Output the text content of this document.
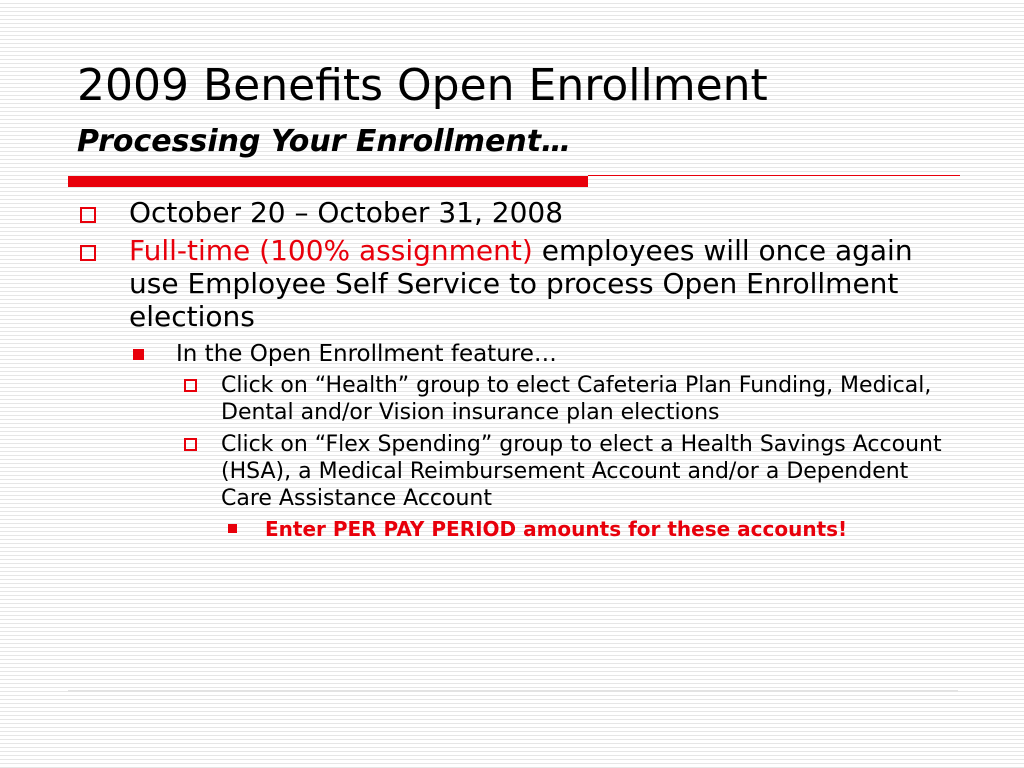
2009 Benefits Open Enrollment
Processing Your Enrollment…
October 20 – October 31, 2008
Full-time (100% assignment) employees will once again use Employee Self Service to process Open Enrollment elections
In the Open Enrollment feature…
Click on “Health” group to elect Cafeteria Plan Funding, Medical, Dental and/or Vision insurance plan elections
Click on “Flex Spending” group to elect a Health Savings Account (HSA), a Medical Reimbursement Account and/or a Dependent Care Assistance Account
Enter PER PAY PERIOD amounts for these accounts!
